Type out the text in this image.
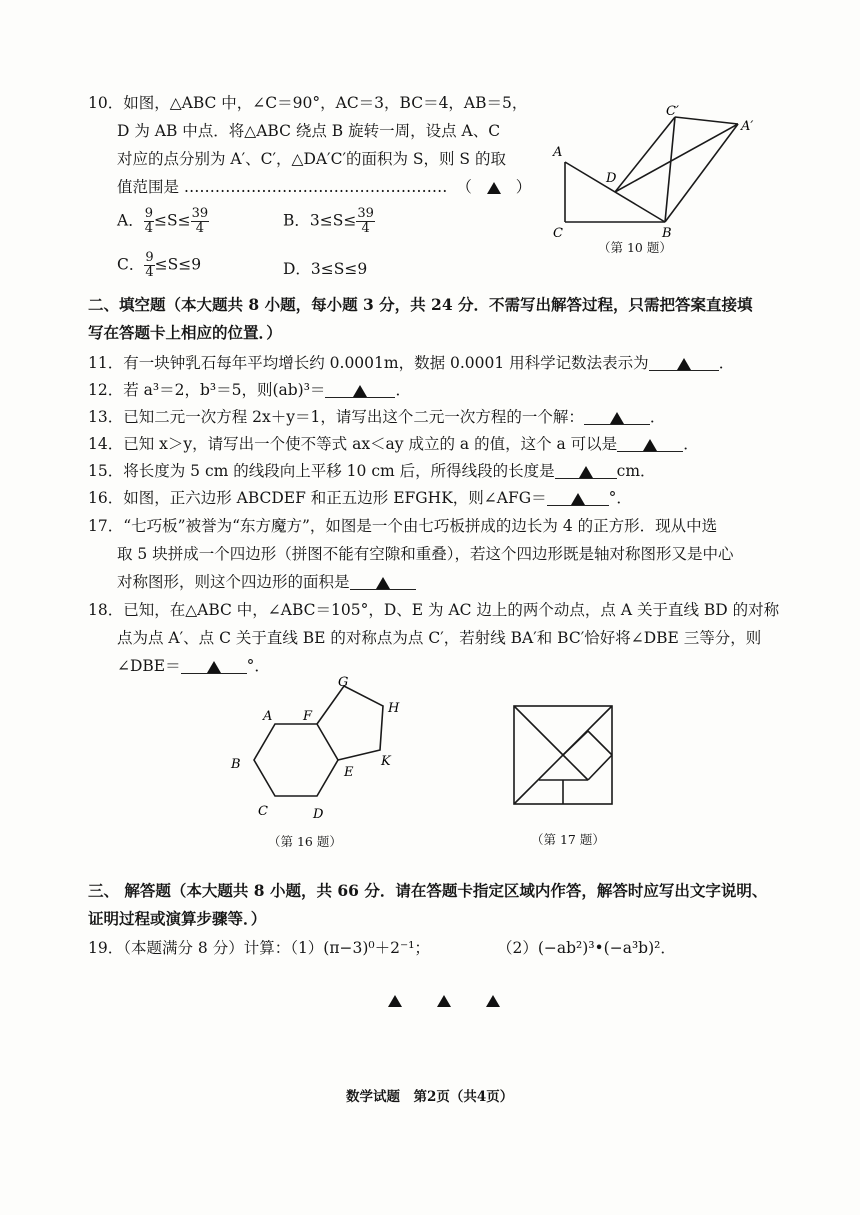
10．如图，△ABC 中，∠C＝90°，AC＝3，BC＝4，AB＝5，
D 为 AB 中点．将△ABC 绕点 B 旋转一周，设点 A、C
对应的点分别为 A′、C′，△DA′C′的面积为 S，则 S 的取
值范围是 …………………………………………… （	）
A． $\frac{9}{4} \le S\le \frac{39}{4}$	B．$3\le S\le \frac{39}{4}$
C． $\frac{9}{4} \le S\le 9$	D．3≤S≤9
A
C	B
D
A′
C′
（第 10 题）
二、填空题（本大题共 8 小题，每小题 3 分，共 24 分．不需写出解答过程，只需把答案直接填
写在答题卡上相应的位置．）
11．有一块钟乳石每年平均增长约 0.0001m，数据 0.0001 用科学记数法表示为	．
12．若 a³＝2，b³＝5，则(ab)³＝	．
13．已知二元一次方程 2x＋y＝1，请写出这个二元一次方程的一个解：	．
14．已知 x＞y，请写出一个使不等式 ax＜ay 成立的 a 的值，这个 a 可以是	．
15．将长度为 5 cm 的线段向上平移 10 cm 后，所得线段的长度是	cm．
16．如图，正六边形 ABCDEF 和正五边形 EFGHK，则∠AFG＝	°．
17．“七巧板”被誉为“东方魔方”，如图是一个由七巧板拼成的边长为 4 的正方形．现从中选
取 5 块拼成一个四边形（拼图不能有空隙和重叠），若这个四边形既是轴对称图形又是中心
对称图形，则这个四边形的面积是
18．已知，在△ABC 中，∠ABC＝105°，D、E 为 AC 边上的两个动点，点 A 关于直线 BD 的对称
点为点 A′、点 C 关于直线 BE 的对称点为点 C′，若射线 BA′和 BC′恰好将∠DBE 三等分，则
∠DBE＝	°．
A F
B
C	D
E
G
H
K
（第 16 题）	（第 17 题）
三、 解答题（本大题共 8 小题，共 66 分．请在答题卡指定区域内作答，解答时应写出文字说明、
证明过程或演算步骤等．）
19．（本题满分 8 分）计算：（1）(π−3)⁰＋2⁻¹；	（2）(−ab²)³•(−a³b)²．

数学试题　第2页（共4页）
